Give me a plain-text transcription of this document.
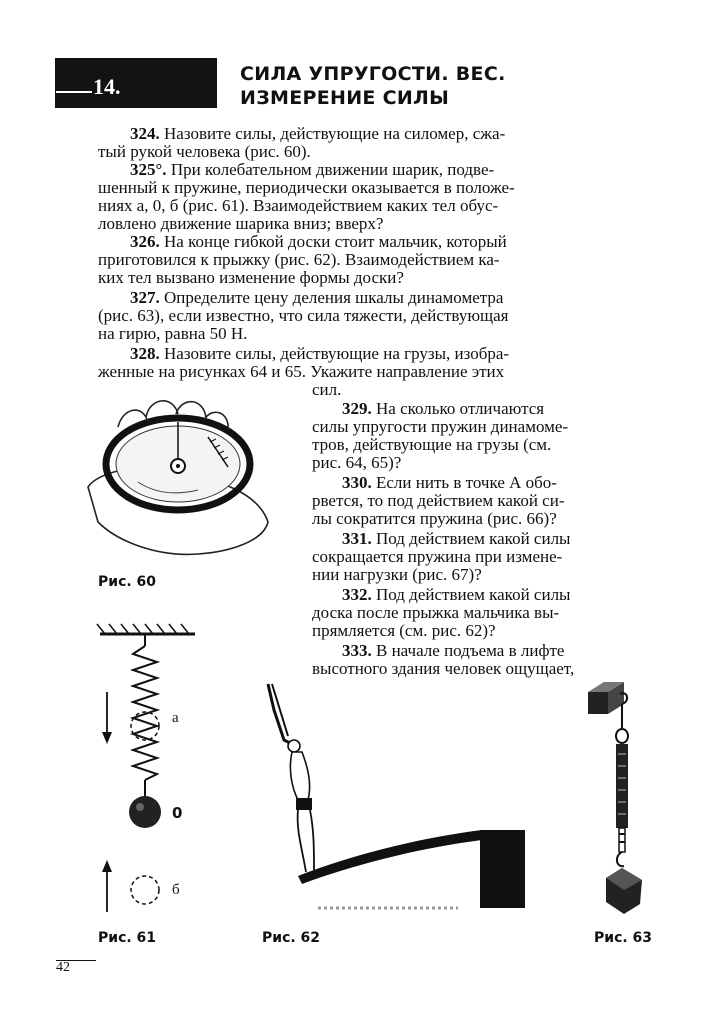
14.	СИЛА УПРУГОСТИ. ВЕС.
ИЗМЕРЕНИЕ СИЛЫ
324. Назовите силы, действующие на силомер, сжа-
тый рукой человека (рис. 60).
325°. При колебательном движении шарик, подве-
шенный к пружине, периодически оказывается в положе-
ниях а, 0, б (рис. 61). Взаимодействием каких тел обус-
ловлено движение шарика вниз; вверх?
326. На конце гибкой доски стоит мальчик, который
приготовился к прыжку (рис. 62). Взаимодействием ка-
ких тел вызвано изменение формы доски?
327. Определите цену деления шкалы динамометра
(рис. 63), если известно, что сила тяжести, действующая
на гирю, равна 50 Н.
328. Назовите силы, действующие на грузы, изобра-
женные на рисунках 64 и 65. Укажите направление этих
сил.
329. На сколько отличаются
силы упругости пружин динамоме-
тров, действующие на грузы (см.
рис. 64, 65)?
330. Если нить в точке А обо-
рвется, то под действием какой си-
лы сократится пружина (рис. 66)?
331. Под действием какой силы
сокращается пружина при измене-
нии нагрузки (рис. 67)?
332. Под действием какой силы
доска после прыжка мальчика вы-
прямляется (см. рис. 62)?
333. В начале подъема в лифте
высотного здания человек ощущает,
Рис. 60
а
0
б
Рис. 61	Рис. 62	Рис. 63
42
